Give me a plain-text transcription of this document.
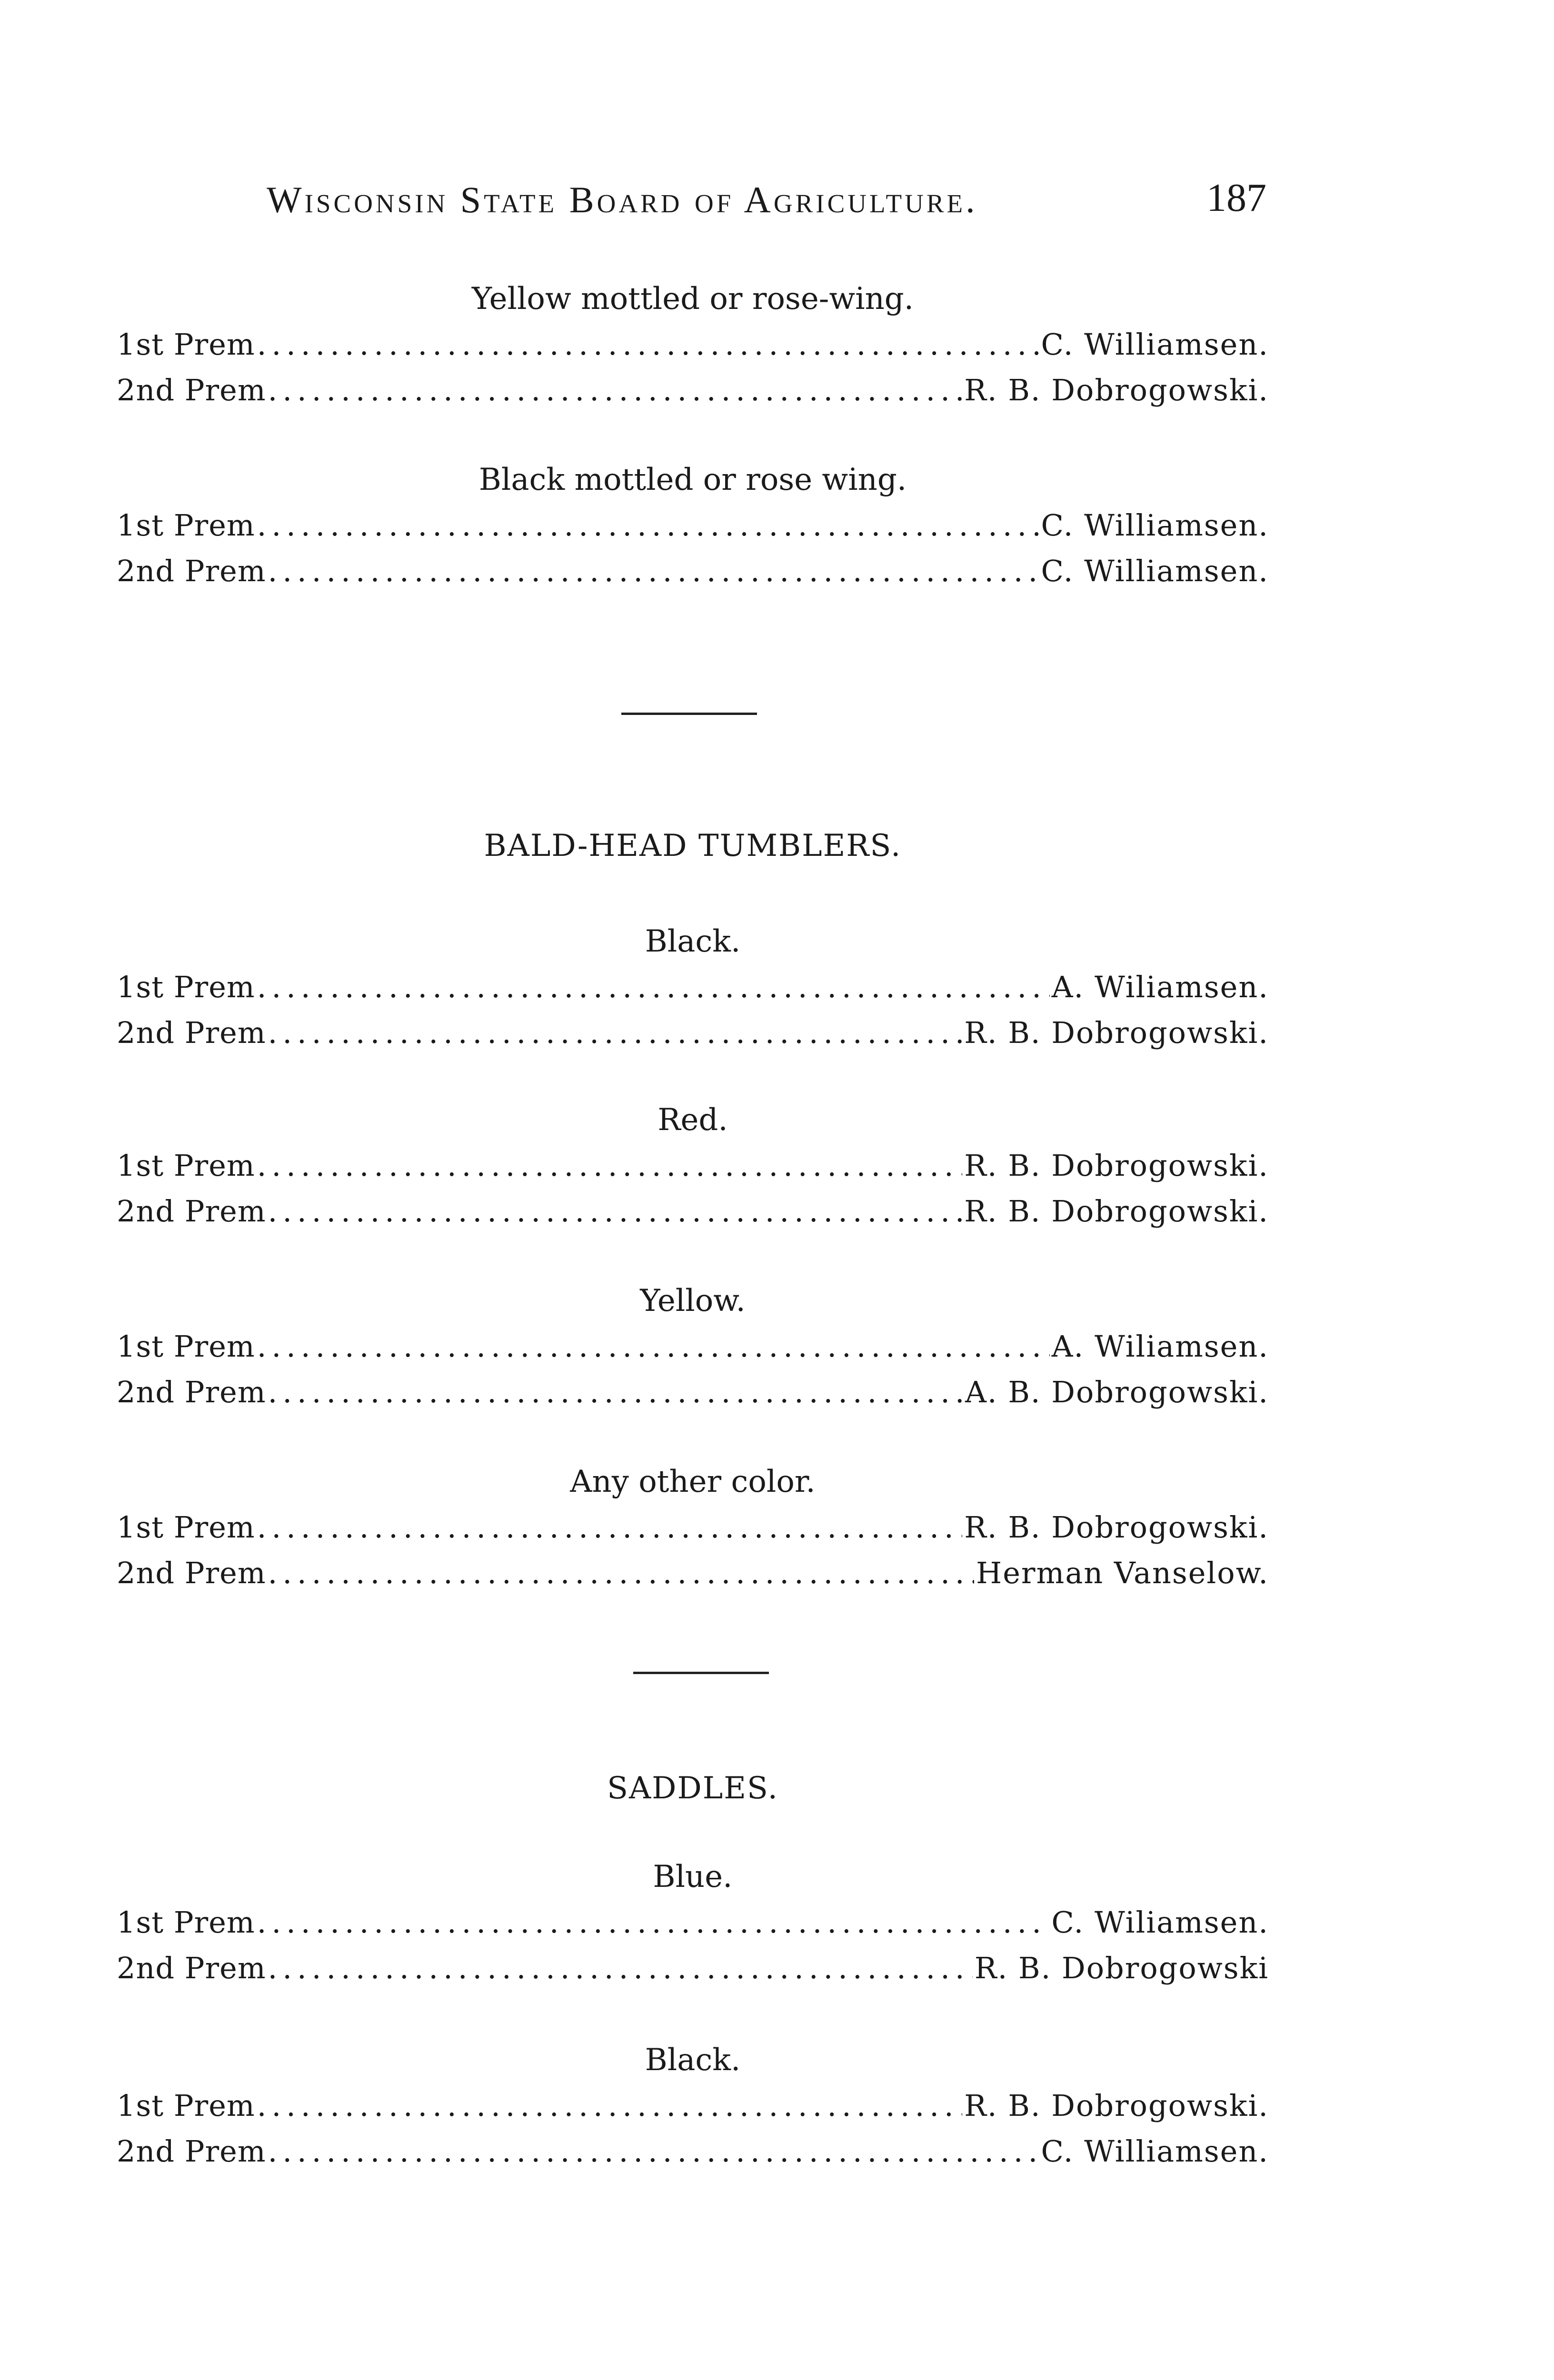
Wisconsin State Board of Agriculture.	187
Yellow mottled or rose-wing.
1st Prem .....	C. Williamsen.
2nd Prem .....	R. B. Dobrogowski.
Black mottled or rose wing.
1st Prem .....	C. Williamsen.
2nd Prem .....	C. Williamsen.
BALD-HEAD TUMBLERS.
Black.
1st Prem .....	A. Wiliamsen.
2nd Prem .....	R. B. Dobrogowski.
Red.
1st Prem .....	R. B. Dobrogowski.
2nd Prem .....	R. B. Dobrogowski.
Yellow.
1st Prem .....	A. Wiliamsen.
2nd Prem .....	A. B. Dobrogowski.
Any other color.
1st Prem .....	R. B. Dobrogowski.
2nd Prem .....	Herman Vanselow.
SADDLES.
Blue.
1st Prem .....	C. Wiliamsen.
2nd Prem .....	R. B. Dobrogowski
Black.
1st Prem .....	R. B. Dobrogowski.
2nd Prem .....	C. Williamsen.
